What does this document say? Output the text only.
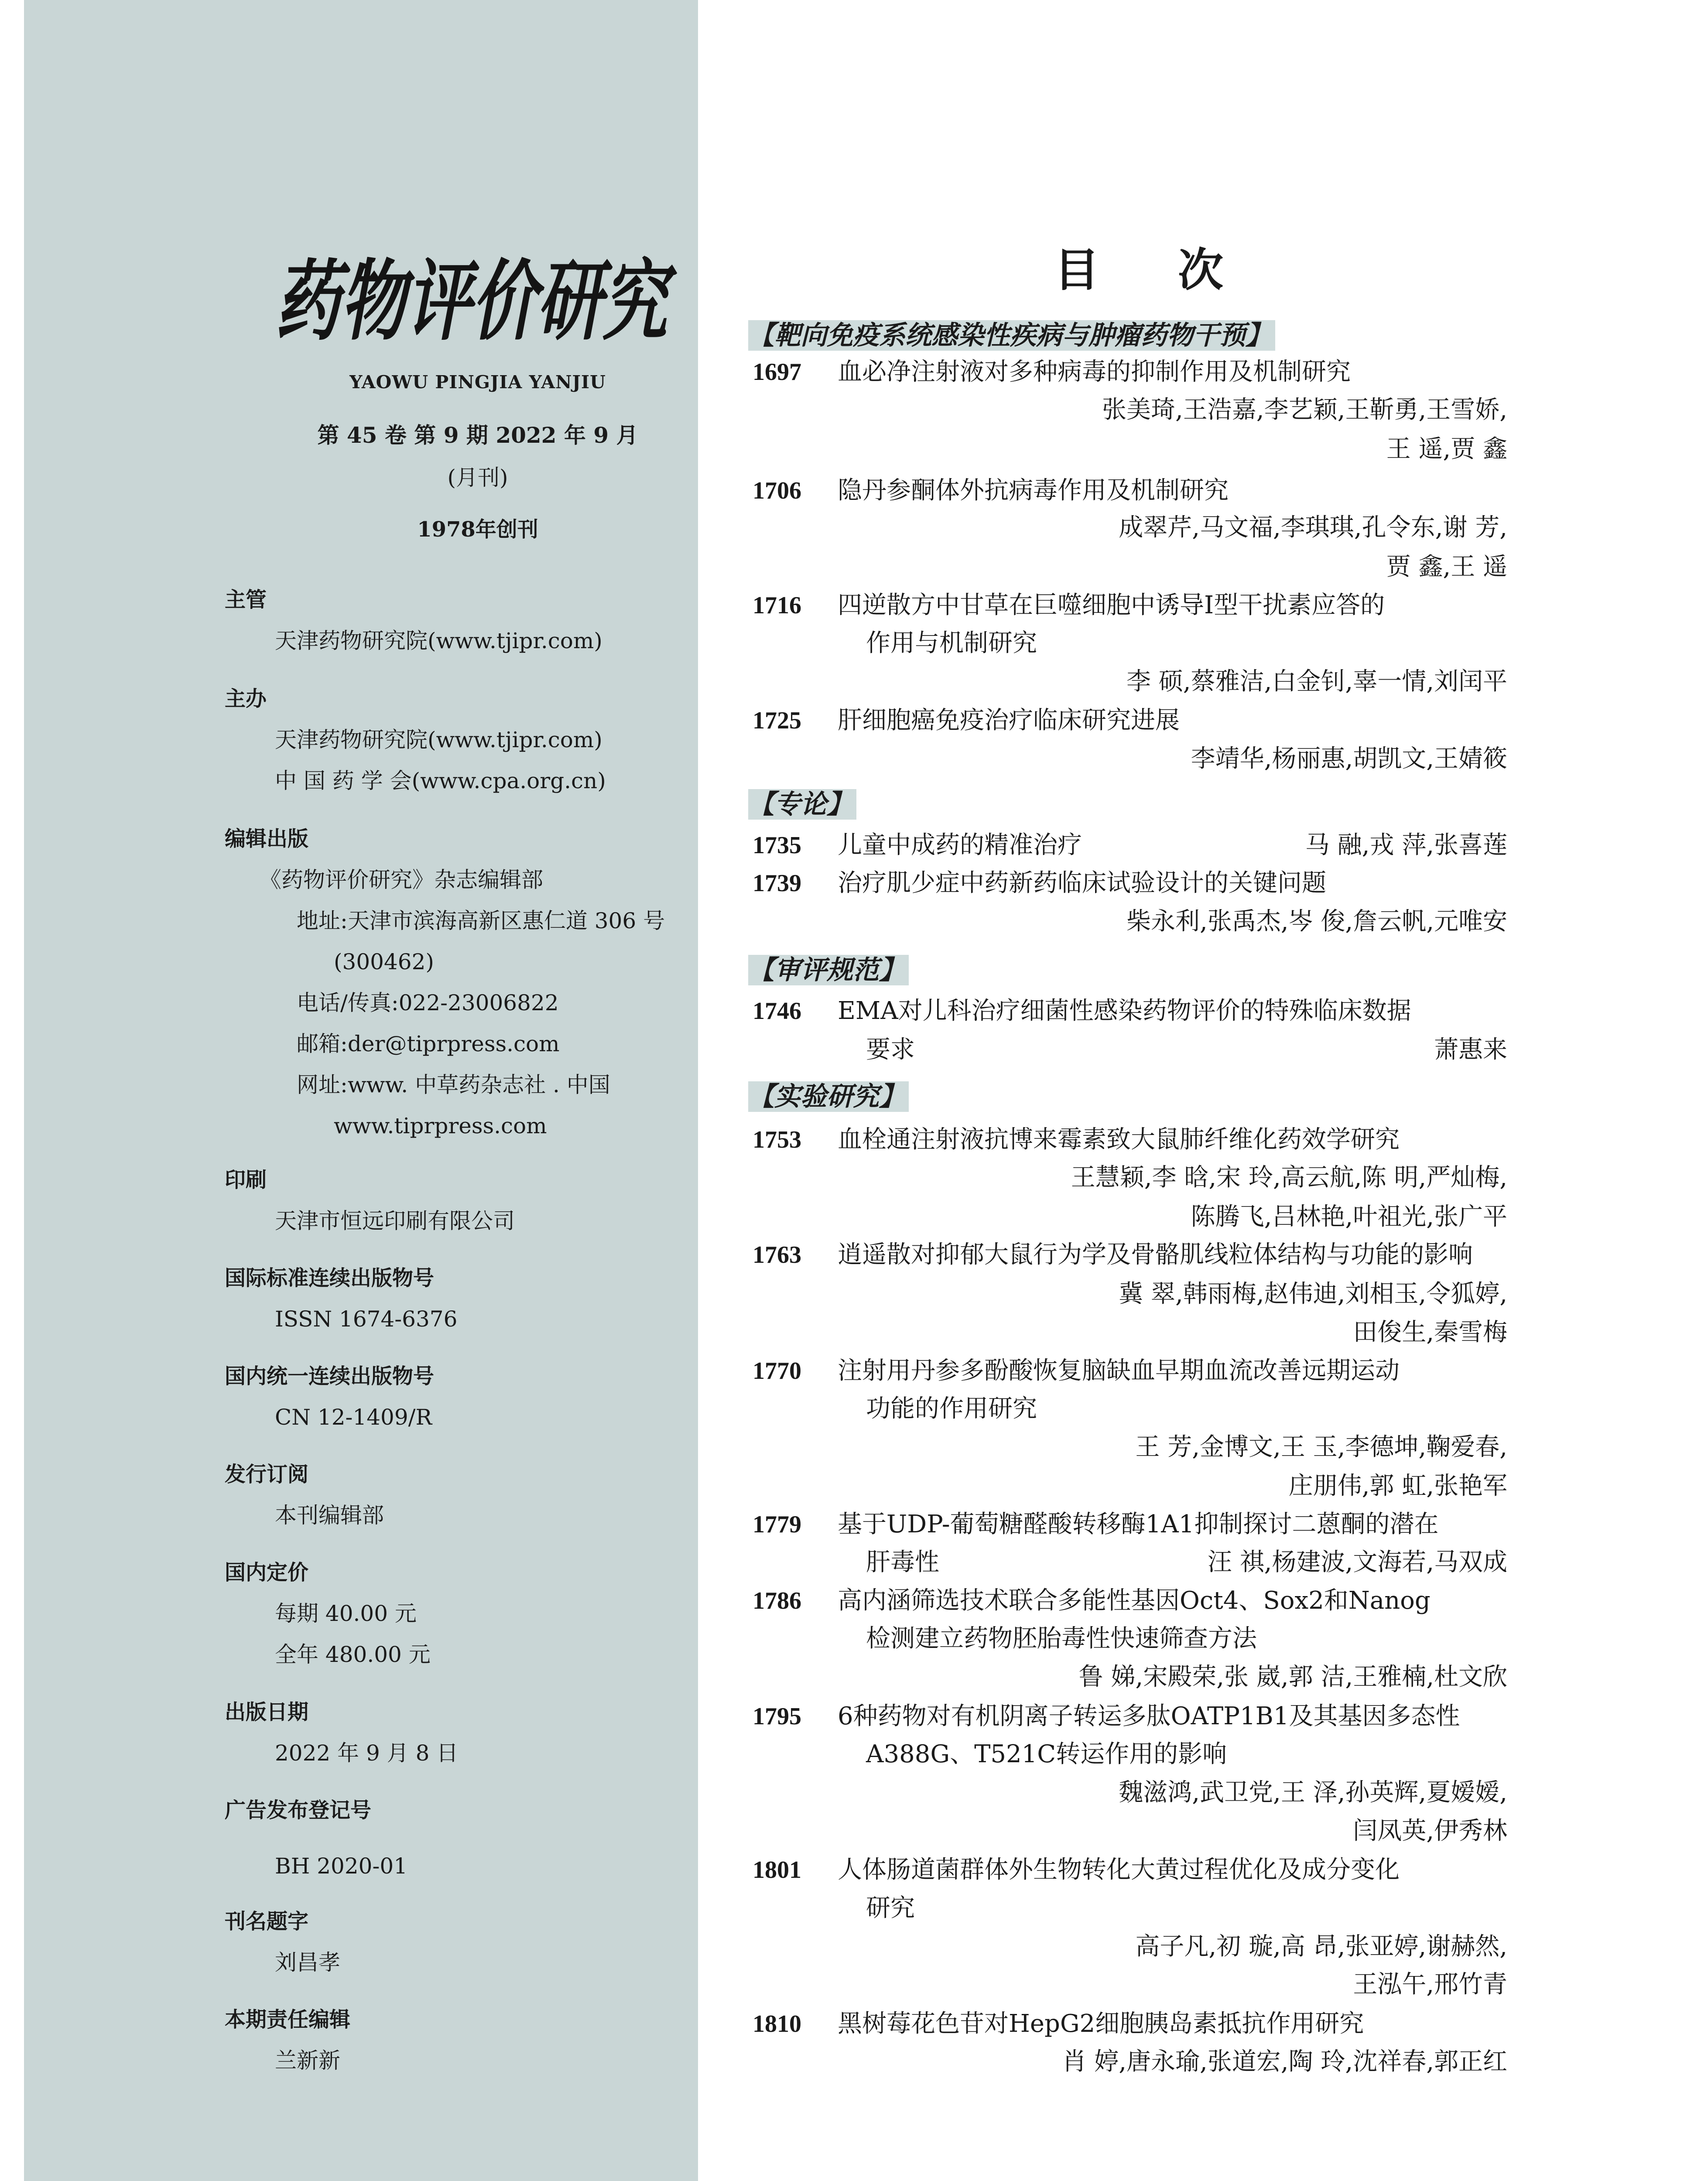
药物评价研究
YAOWU PINGJIA YANJIU
第 45 卷 第 9 期 2022 年 9 月
(月刊)
1978年创刊
主管
天津药物研究院(www.tjipr.com)
主办
天津药物研究院(www.tjipr.com)
中 国 药 学 会(www.cpa.org.cn)
编辑出版
《药物评价研究》杂志编辑部
地址:天津市滨海高新区惠仁道 306 号
(300462)
电话/传真:022-23006822
邮箱:der@tiprpress.com
网址:www. 中草药杂志社 . 中国
www.tiprpress.com
印刷
天津市恒远印刷有限公司
国际标准连续出版物号
ISSN 1674-6376
国内统一连续出版物号
CN 12-1409/R
发行订阅
本刊编辑部
国内定价
每期 40.00 元
全年 480.00 元
出版日期
2022 年 9 月 8 日
广告发布登记号
BH 2020-01
刊名题字
刘昌孝
本期责任编辑
兰新新
目次
【靶向免疫系统感染性疾病与肿瘤药物干预】
1697 血必净注射液对多种病毒的抑制作用及机制研究
张美琦,王浩嘉,李艺颖,王靳勇,王雪娇,
王 遥,贾 鑫
1706 隐丹参酮体外抗病毒作用及机制研究
成翠芹,马文福,李琪琪,孔令东,谢 芳,
贾 鑫,王 遥
1716 四逆散方中甘草在巨噬细胞中诱导I型干扰素应答的
作用与机制研究
李 硕,蔡雅洁,白金钊,辜一情,刘闰平
1725 肝细胞癌免疫治疗临床研究进展
李靖华,杨丽惠,胡凯文,王婧筱
【专论】
1735 儿童中成药的精准治疗	马 融,戎 萍,张喜莲
1739 治疗肌少症中药新药临床试验设计的关键问题
柴永利,张禹杰,岑 俊,詹云帆,元唯安
【审评规范】
1746 EMA对儿科治疗细菌性感染药物评价的特殊临床数据
要求	萧惠来
【实验研究】
1753 血栓通注射液抗博来霉素致大鼠肺纤维化药效学研究
王慧颖,李 晗,宋 玲,高云航,陈 明,严灿梅,
陈腾飞,吕林艳,叶祖光,张广平
1763 逍遥散对抑郁大鼠行为学及骨骼肌线粒体结构与功能的影响
冀 翠,韩雨梅,赵伟迪,刘相玉,令狐婷,
田俊生,秦雪梅
1770 注射用丹参多酚酸恢复脑缺血早期血流改善远期运动
功能的作用研究
王 芳,金博文,王 玉,李德坤,鞠爱春,
庄朋伟,郭 虹,张艳军
1779 基于UDP-葡萄糖醛酸转移酶1A1抑制探讨二蒽酮的潜在
肝毒性	汪 祺,杨建波,文海若,马双成
1786 高内涵筛选技术联合多能性基因Oct4、Sox2和Nanog
检测建立药物胚胎毒性快速筛查方法
鲁 娣,宋殿荣,张 崴,郭 洁,王雅楠,杜文欣
1795 6种药物对有机阴离子转运多肽OATP1B1及其基因多态性
A388G、T521C转运作用的影响
魏滋鸿,武卫党,王 泽,孙英辉,夏嫒嫒,
闫凤英,伊秀林
1801 人体肠道菌群体外生物转化大黄过程优化及成分变化
研究
高子凡,初 璇,高 昂,张亚婷,谢赫然,
王泓午,邢竹青
1810 黑树莓花色苷对HepG2细胞胰岛素抵抗作用研究
肖 婷,唐永瑜,张道宏,陶 玲,沈祥春,郭正红
